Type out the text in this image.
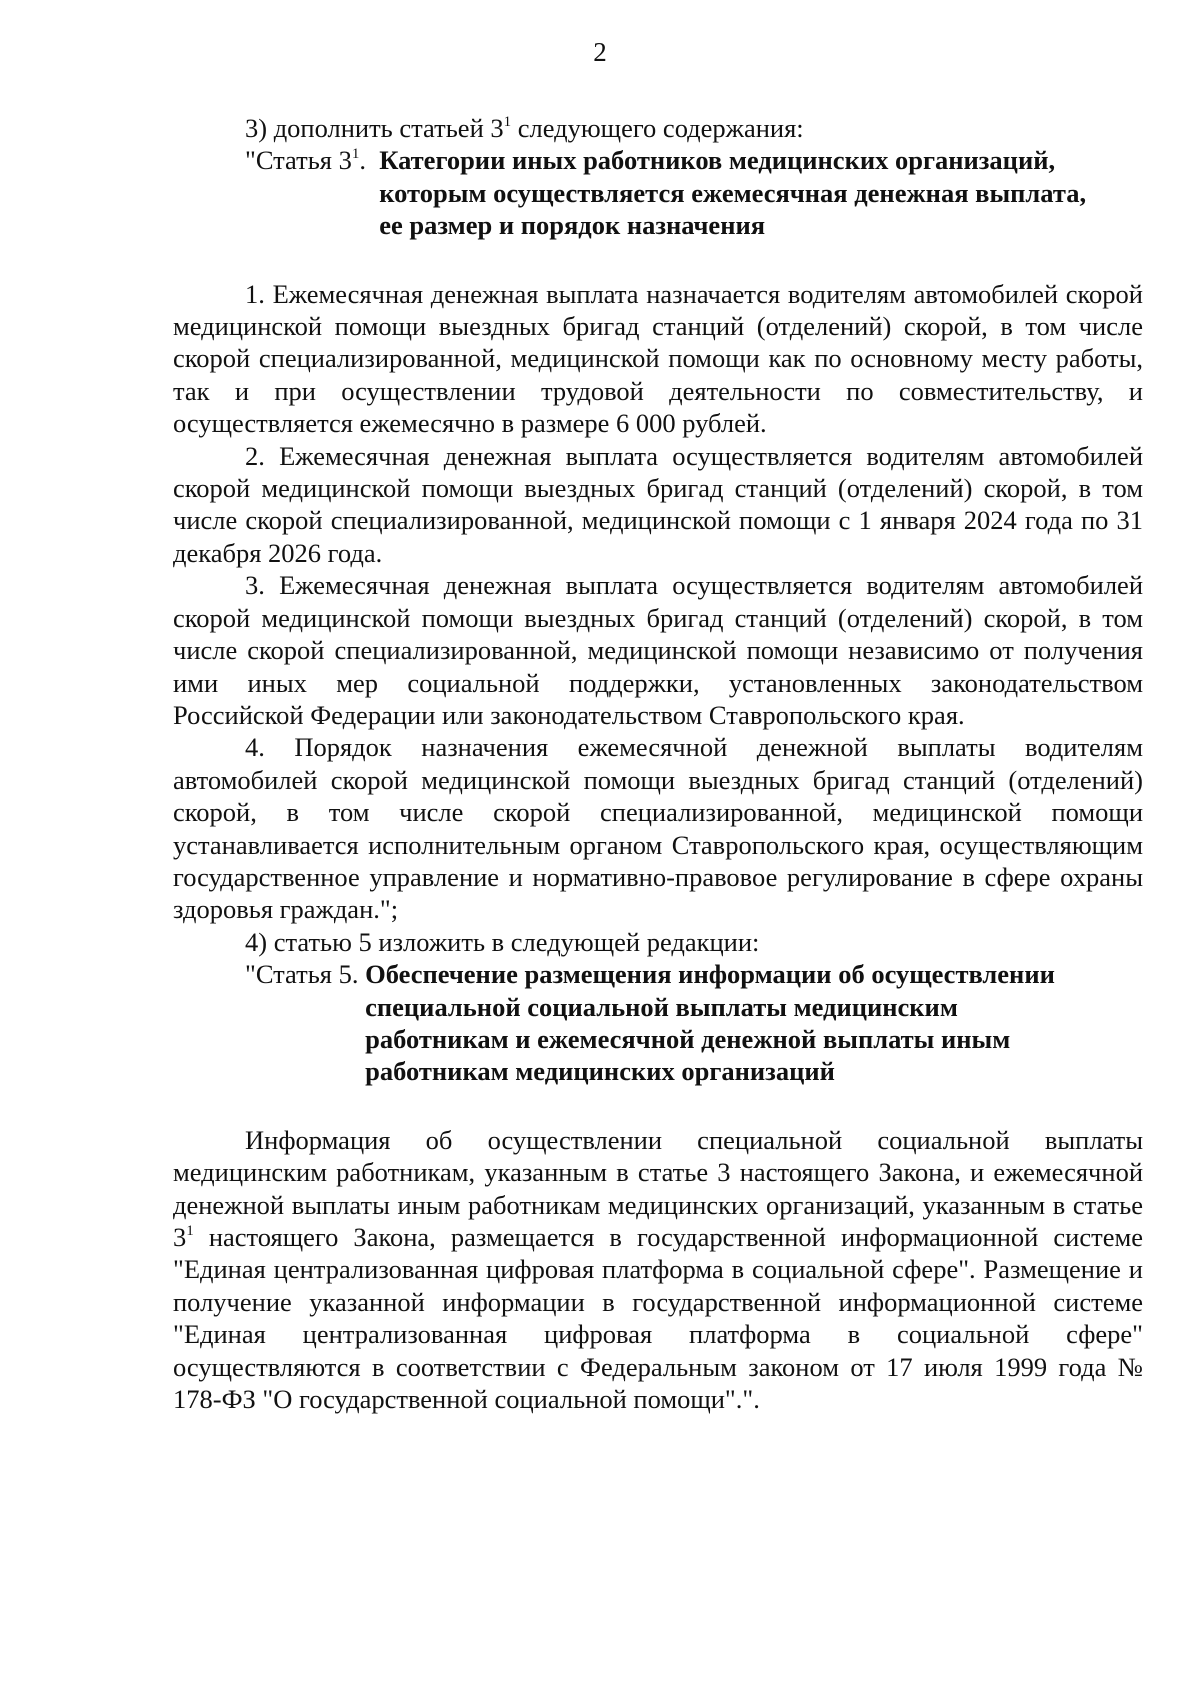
2

3) дополнить статьей $3^1$ следующего содержания:

"Статья $3^1$. Категории иных работников медицинских организаций,
которым осуществляется ежемесячная денежная выплата,
ее размер и порядок назначения

1. Ежемесячная денежная выплата назначается водителям автомобилей скорой медицинской помощи выездных бригад станций (отделений) скорой, в том числе скорой специализированной, медицинской помощи как по основному месту работы, так и при осуществлении трудовой деятельности по совместительству, и осуществляется ежемесячно в размере 6 000 рублей.

2. Ежемесячная денежная выплата осуществляется водителям автомобилей скорой медицинской помощи выездных бригад станций (отделений) скорой, в том числе скорой специализированной, медицинской помощи с 1 января 2024 года по 31 декабря 2026 года.

3. Ежемесячная денежная выплата осуществляется водителям автомобилей скорой медицинской помощи выездных бригад станций (отделений) скорой, в том числе скорой специализированной, медицинской помощи независимо от получения ими иных мер социальной поддержки, установленных законодательством Российской Федерации или законодательством Ставропольского края.

4. Порядок назначения ежемесячной денежной выплаты водителям автомобилей скорой медицинской помощи выездных бригад станций (отделений) скорой, в том числе скорой специализированной, медицинской помощи устанавливается исполнительным органом Ставропольского края, осуществляющим государственное управление и нормативно-правовое регулирование в сфере охраны здоровья граждан.";

4) статью 5 изложить в следующей редакции:

"Статья 5. Обеспечение размещения информации об осуществлении
специальной социальной выплаты медицинским
работникам и ежемесячной денежной выплаты иным
работникам медицинских организаций

Информация об осуществлении специальной социальной выплаты медицинским работникам, указанным в статье 3 настоящего Закона, и ежемесячной денежной выплаты иным работникам медицинских организаций, указанным в статье $3^1$ настоящего Закона, размещается в государственной информационной системе "Единая централизованная цифровая платформа в социальной сфере". Размещение и получение указанной информации в государственной информационной системе "Единая централизованная цифровая платформа в социальной сфере" осуществляются в соответствии с Федеральным законом от 17 июля 1999 года № 178-ФЗ "О государственной социальной помощи".".
